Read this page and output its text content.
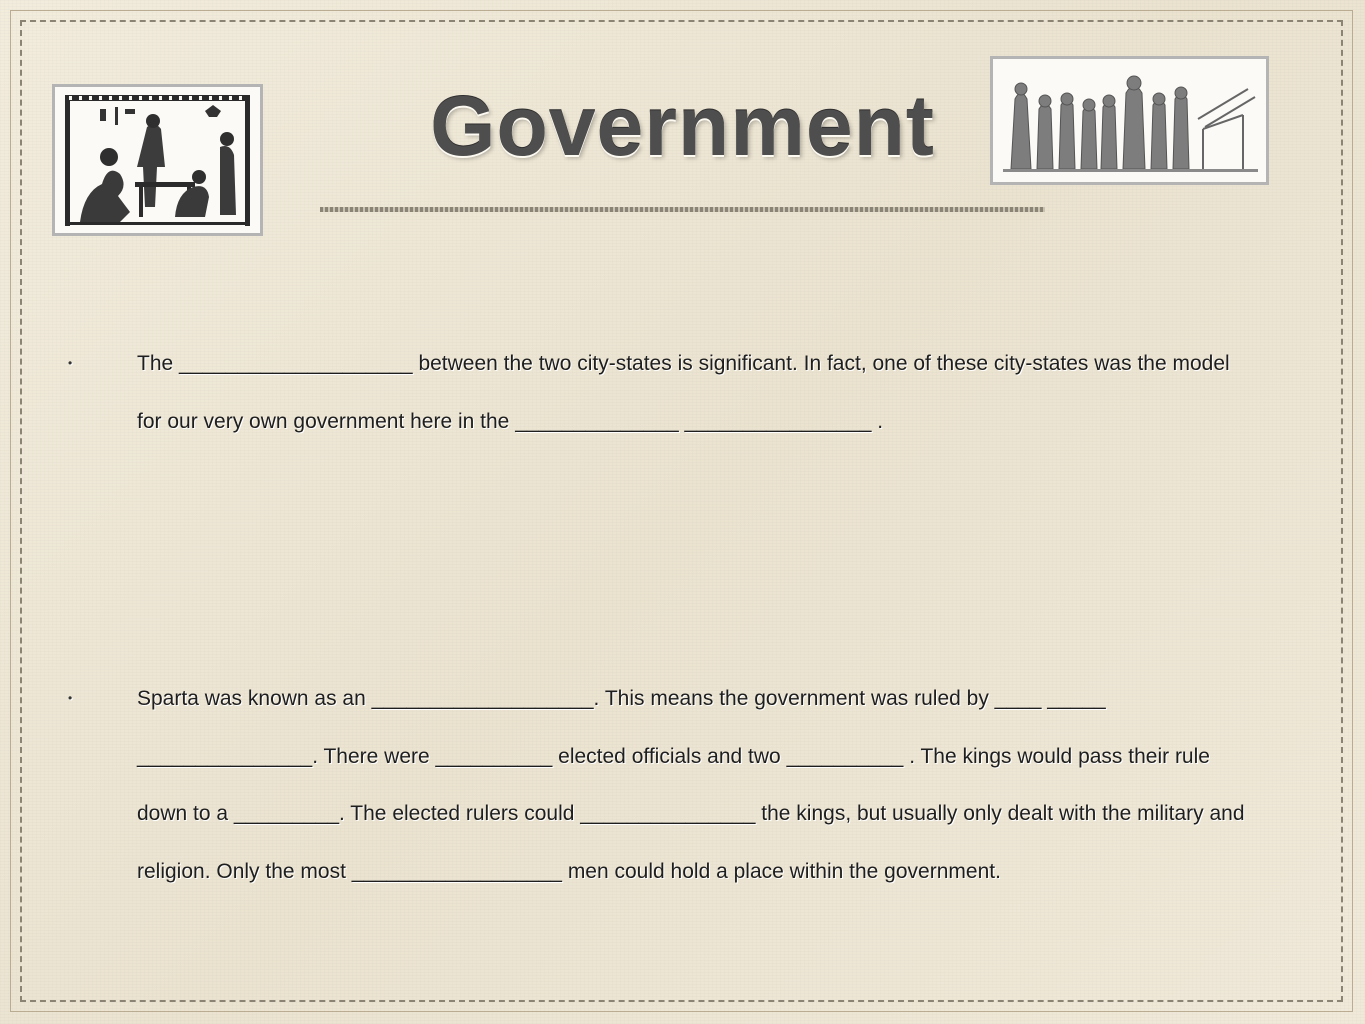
Government
•	The ____________________ between the two city-states is significant. In fact, one of these city-states was the model for our very own government here in the ______________ ________________ .
•	Sparta was known as an ___________________. This means the government was ruled by ____ _____ _______________. There were __________ elected officials and two __________ . The kings would pass their rule down to a _________. The elected rulers could _______________ the kings, but usually only dealt with the military and religion. Only the most __________________ men could hold a place within the government.
